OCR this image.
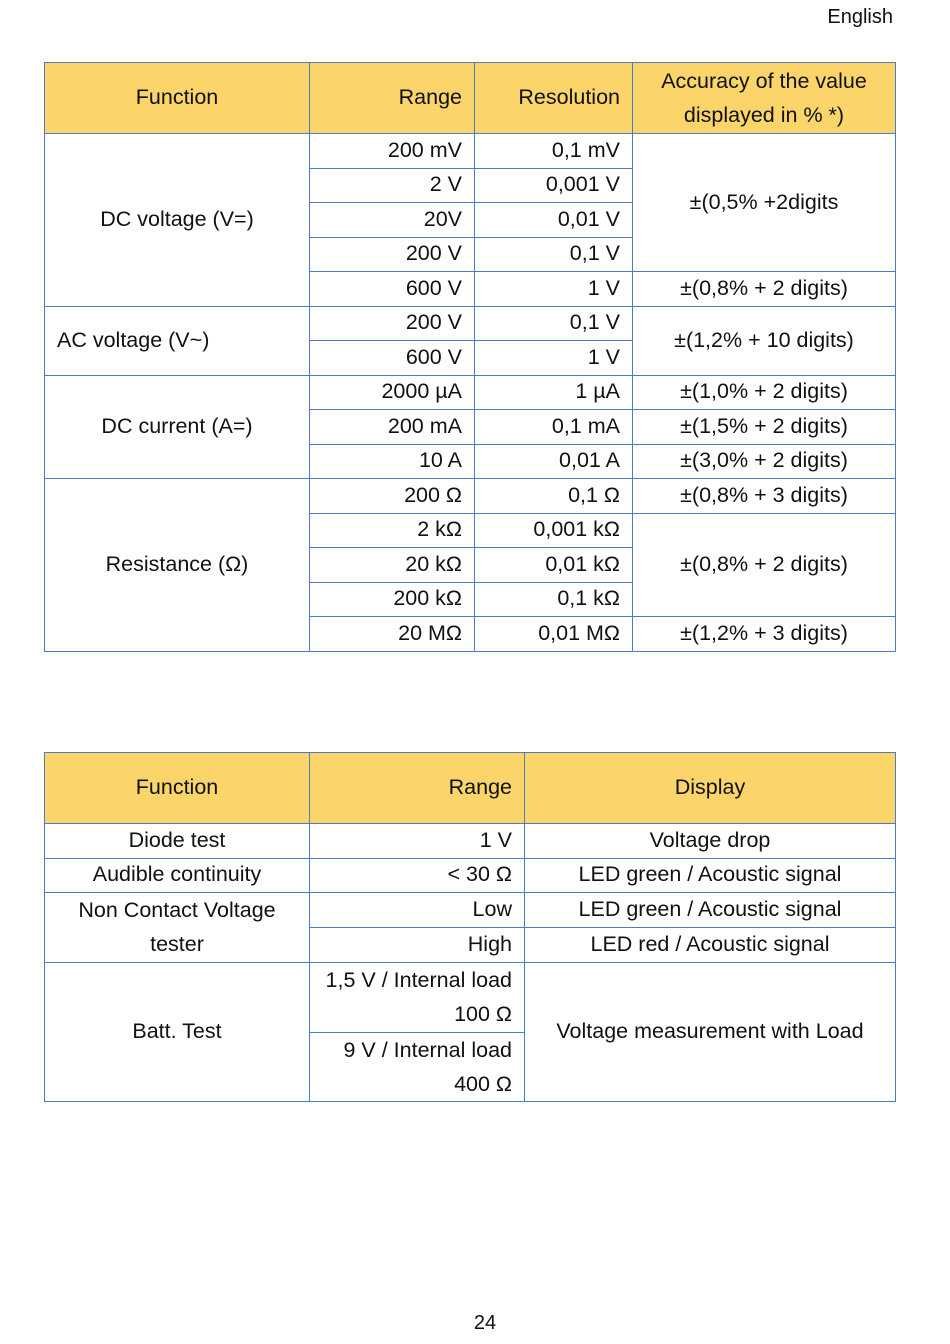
English
Function	Range	Resolution	Accuracy of the value displayed in % *)
DC voltage (V=)	200 mV	0,1 mV	±(0,5% +2digits
	2 V	0,001 V	
	20V	0,01 V	
	200 V	0,1 V	
	600 V	1 V	±(0,8% + 2 digits)
AC voltage (V~)	200 V	0,1 V	±(1,2% + 10 digits)
	600 V	1 V	
DC current (A=)	2000 µA	1 µA	±(1,0% + 2 digits)
	200 mA	0,1 mA	±(1,5% + 2 digits)
	10 A	0,01 A	±(3,0% + 2 digits)
Resistance (Ω)	200 Ω	0,1 Ω	±(0,8% + 3 digits)
	2 kΩ	0,001 kΩ	±(0,8% + 2 digits)
	20 kΩ	0,01 kΩ	
	200 kΩ	0,1 kΩ	
	20 MΩ	0,01 MΩ	±(1,2% + 3 digits)
Function	Range	Display
Diode test	1 V	Voltage drop
Audible continuity	< 30 Ω	LED green / Acoustic signal
Non Contact Voltage tester	Low	LED green / Acoustic signal
	High	LED red / Acoustic signal
Batt. Test	1,5 V / Internal load 100 Ω	Voltage measurement with Load
	9 V / Internal load 400 Ω	
24
